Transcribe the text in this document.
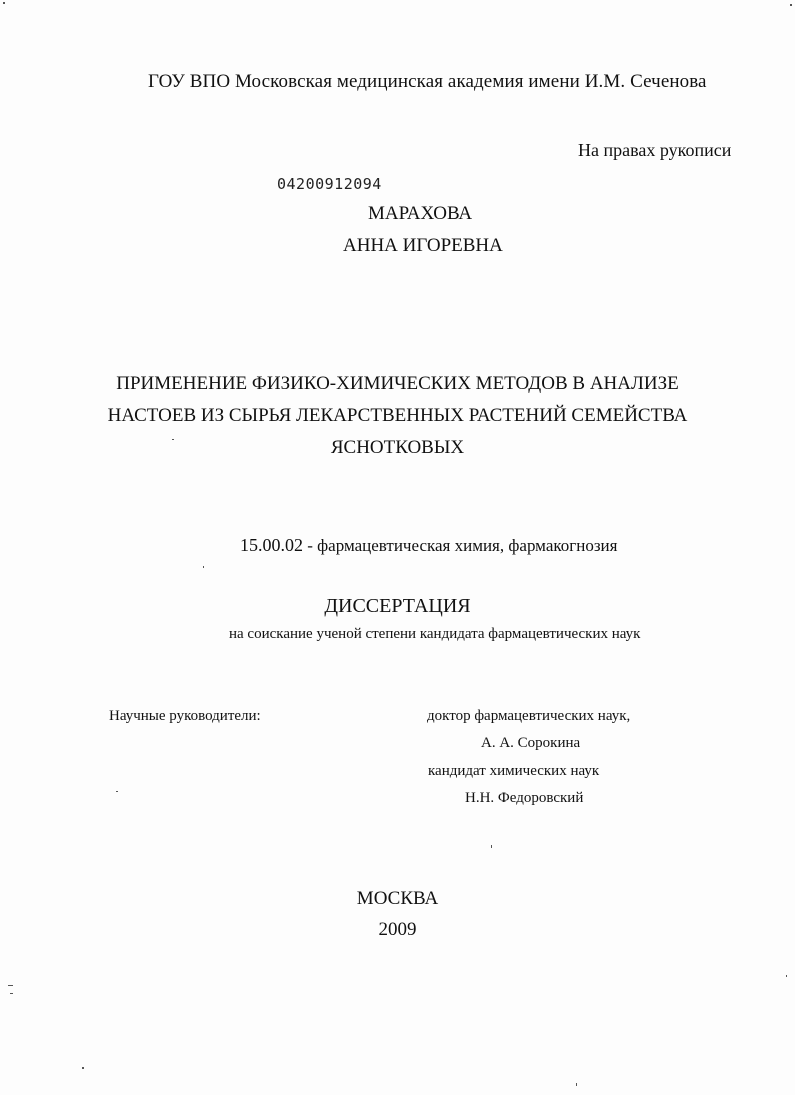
ГОУ ВПО Московская медицинская академия имени И.М. Сеченова
На правах рукописи
04200912094
МАРАХОВА
АННА ИГОРЕВНА
ПРИМЕНЕНИЕ ФИЗИКО-ХИМИЧЕСКИХ МЕТОДОВ В АНАЛИЗЕ
НАСТОЕВ ИЗ СЫРЬЯ ЛЕКАРСТВЕННЫХ РАСТЕНИЙ СЕМЕЙСТВА
ЯСНОТКОВЫХ
15.00.02 - фармацевтическая химия, фармакогнозия
ДИССЕРТАЦИЯ
на соискание ученой степени кандидата фармацевтических наук
Научные руководители:	доктор фармацевтических наук,
А. А. Сорокина
кандидат химических наук
Н.Н. Федоровский
МОСКВА
2009
